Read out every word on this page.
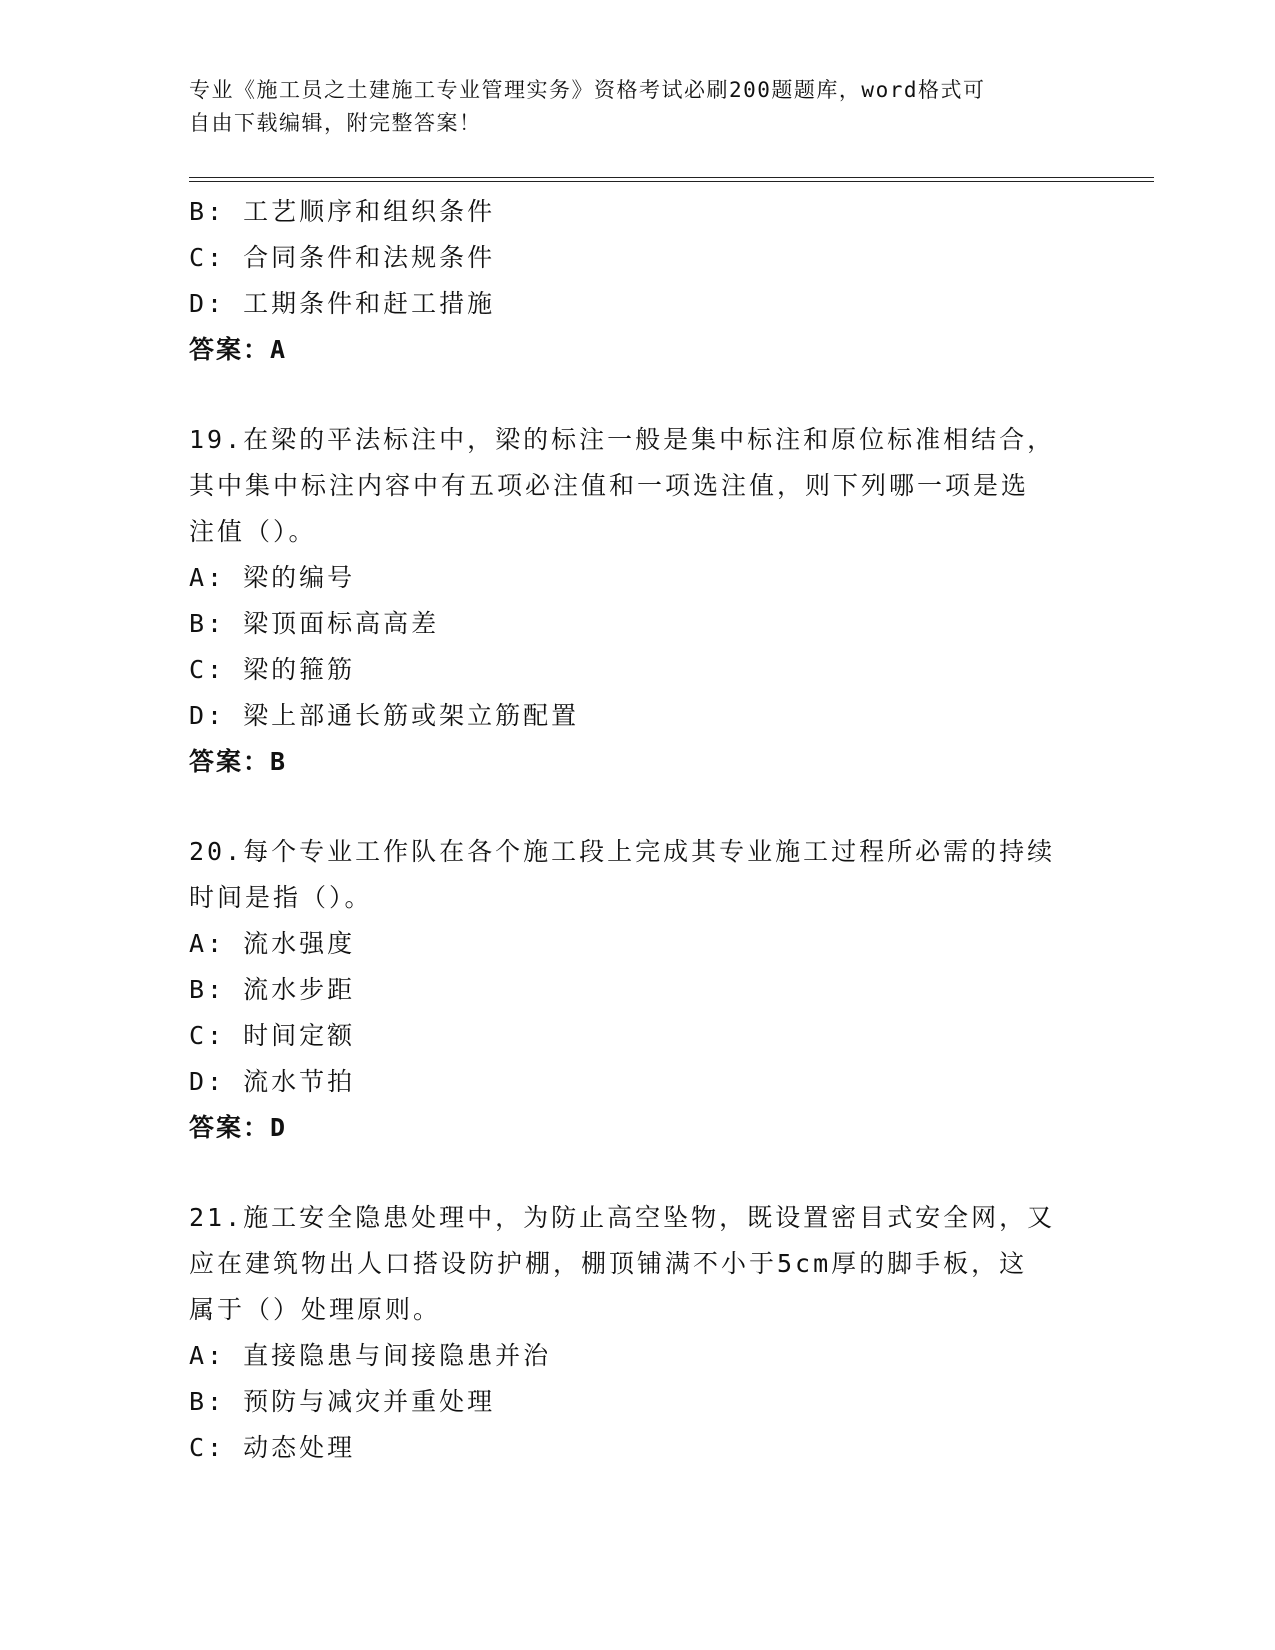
专业《施工员之土建施工专业管理实务》资格考试必刷200题题库，word格式可
自由下载编辑，附完整答案！
B: 工艺顺序和组织条件
C: 合同条件和法规条件
D: 工期条件和赶工措施
答案：A
19.在梁的平法标注中，梁的标注一般是集中标注和原位标准相结合，
其中集中标注内容中有五项必注值和一项选注值，则下列哪一项是选
注值（）。
A: 梁的编号
B: 梁顶面标高高差
C: 梁的箍筋
D: 梁上部通长筋或架立筋配置
答案：B
20.每个专业工作队在各个施工段上完成其专业施工过程所必需的持续
时间是指（）。
A: 流水强度
B: 流水步距
C: 时间定额
D: 流水节拍
答案：D
21.施工安全隐患处理中，为防止高空坠物，既设置密目式安全网，又
应在建筑物出人口搭设防护棚，棚顶铺满不小于5cm厚的脚手板，这
属于（）处理原则。
A: 直接隐患与间接隐患并治
B: 预防与减灾并重处理
C: 动态处理
